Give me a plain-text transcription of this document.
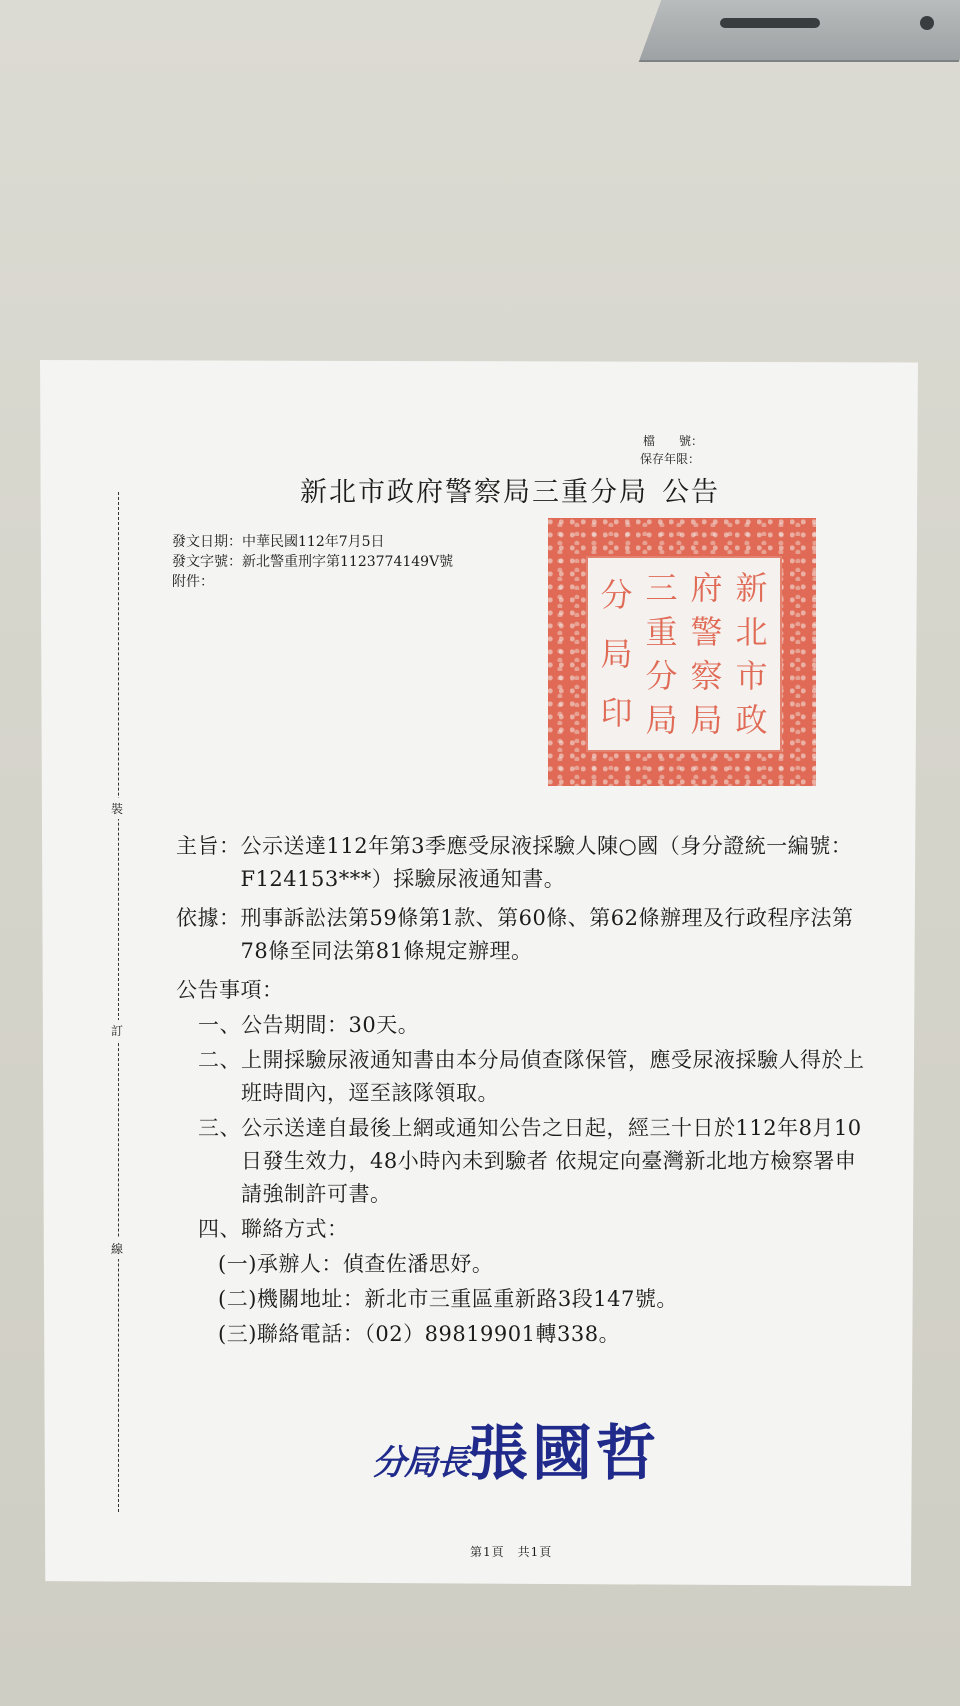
裝
訂
線
檔　　號：
保存年限：
新北市政府警察局三重分局 公告
發文日期：中華民國112年7月5日
發文字號：新北警重刑字第1123774149V號
附件：	新
北
市
政
府
警
察
局
三
重
分
局
分
局
印
主旨： 公示送達112年第3季應受尿液採驗人陳○國（身分證統一編號：F124153***）採驗尿液通知書。
依據： 刑事訴訟法第59條第1款、第60條、第62條辦理及行政程序法第78條至同法第81條規定辦理。
公告事項：
一、 公告期間：30天。
二、 上開採驗尿液通知書由本分局偵查隊保管，應受尿液採驗人得於上班時間內，逕至該隊領取。
三、 公示送達自最後上網或通知公告之日起，經三十日於112年8月10日發生效力，48小時內未到驗者 依規定向臺灣新北地方檢察署申請強制許可書。
四、 聯絡方式：
(一)承辦人：偵查佐潘思妤。
(二)機關地址：新北市三重區重新路3段147號。
(三)聯絡電話：（02）89819901轉338。
分局長張國哲
第1頁　共1頁
